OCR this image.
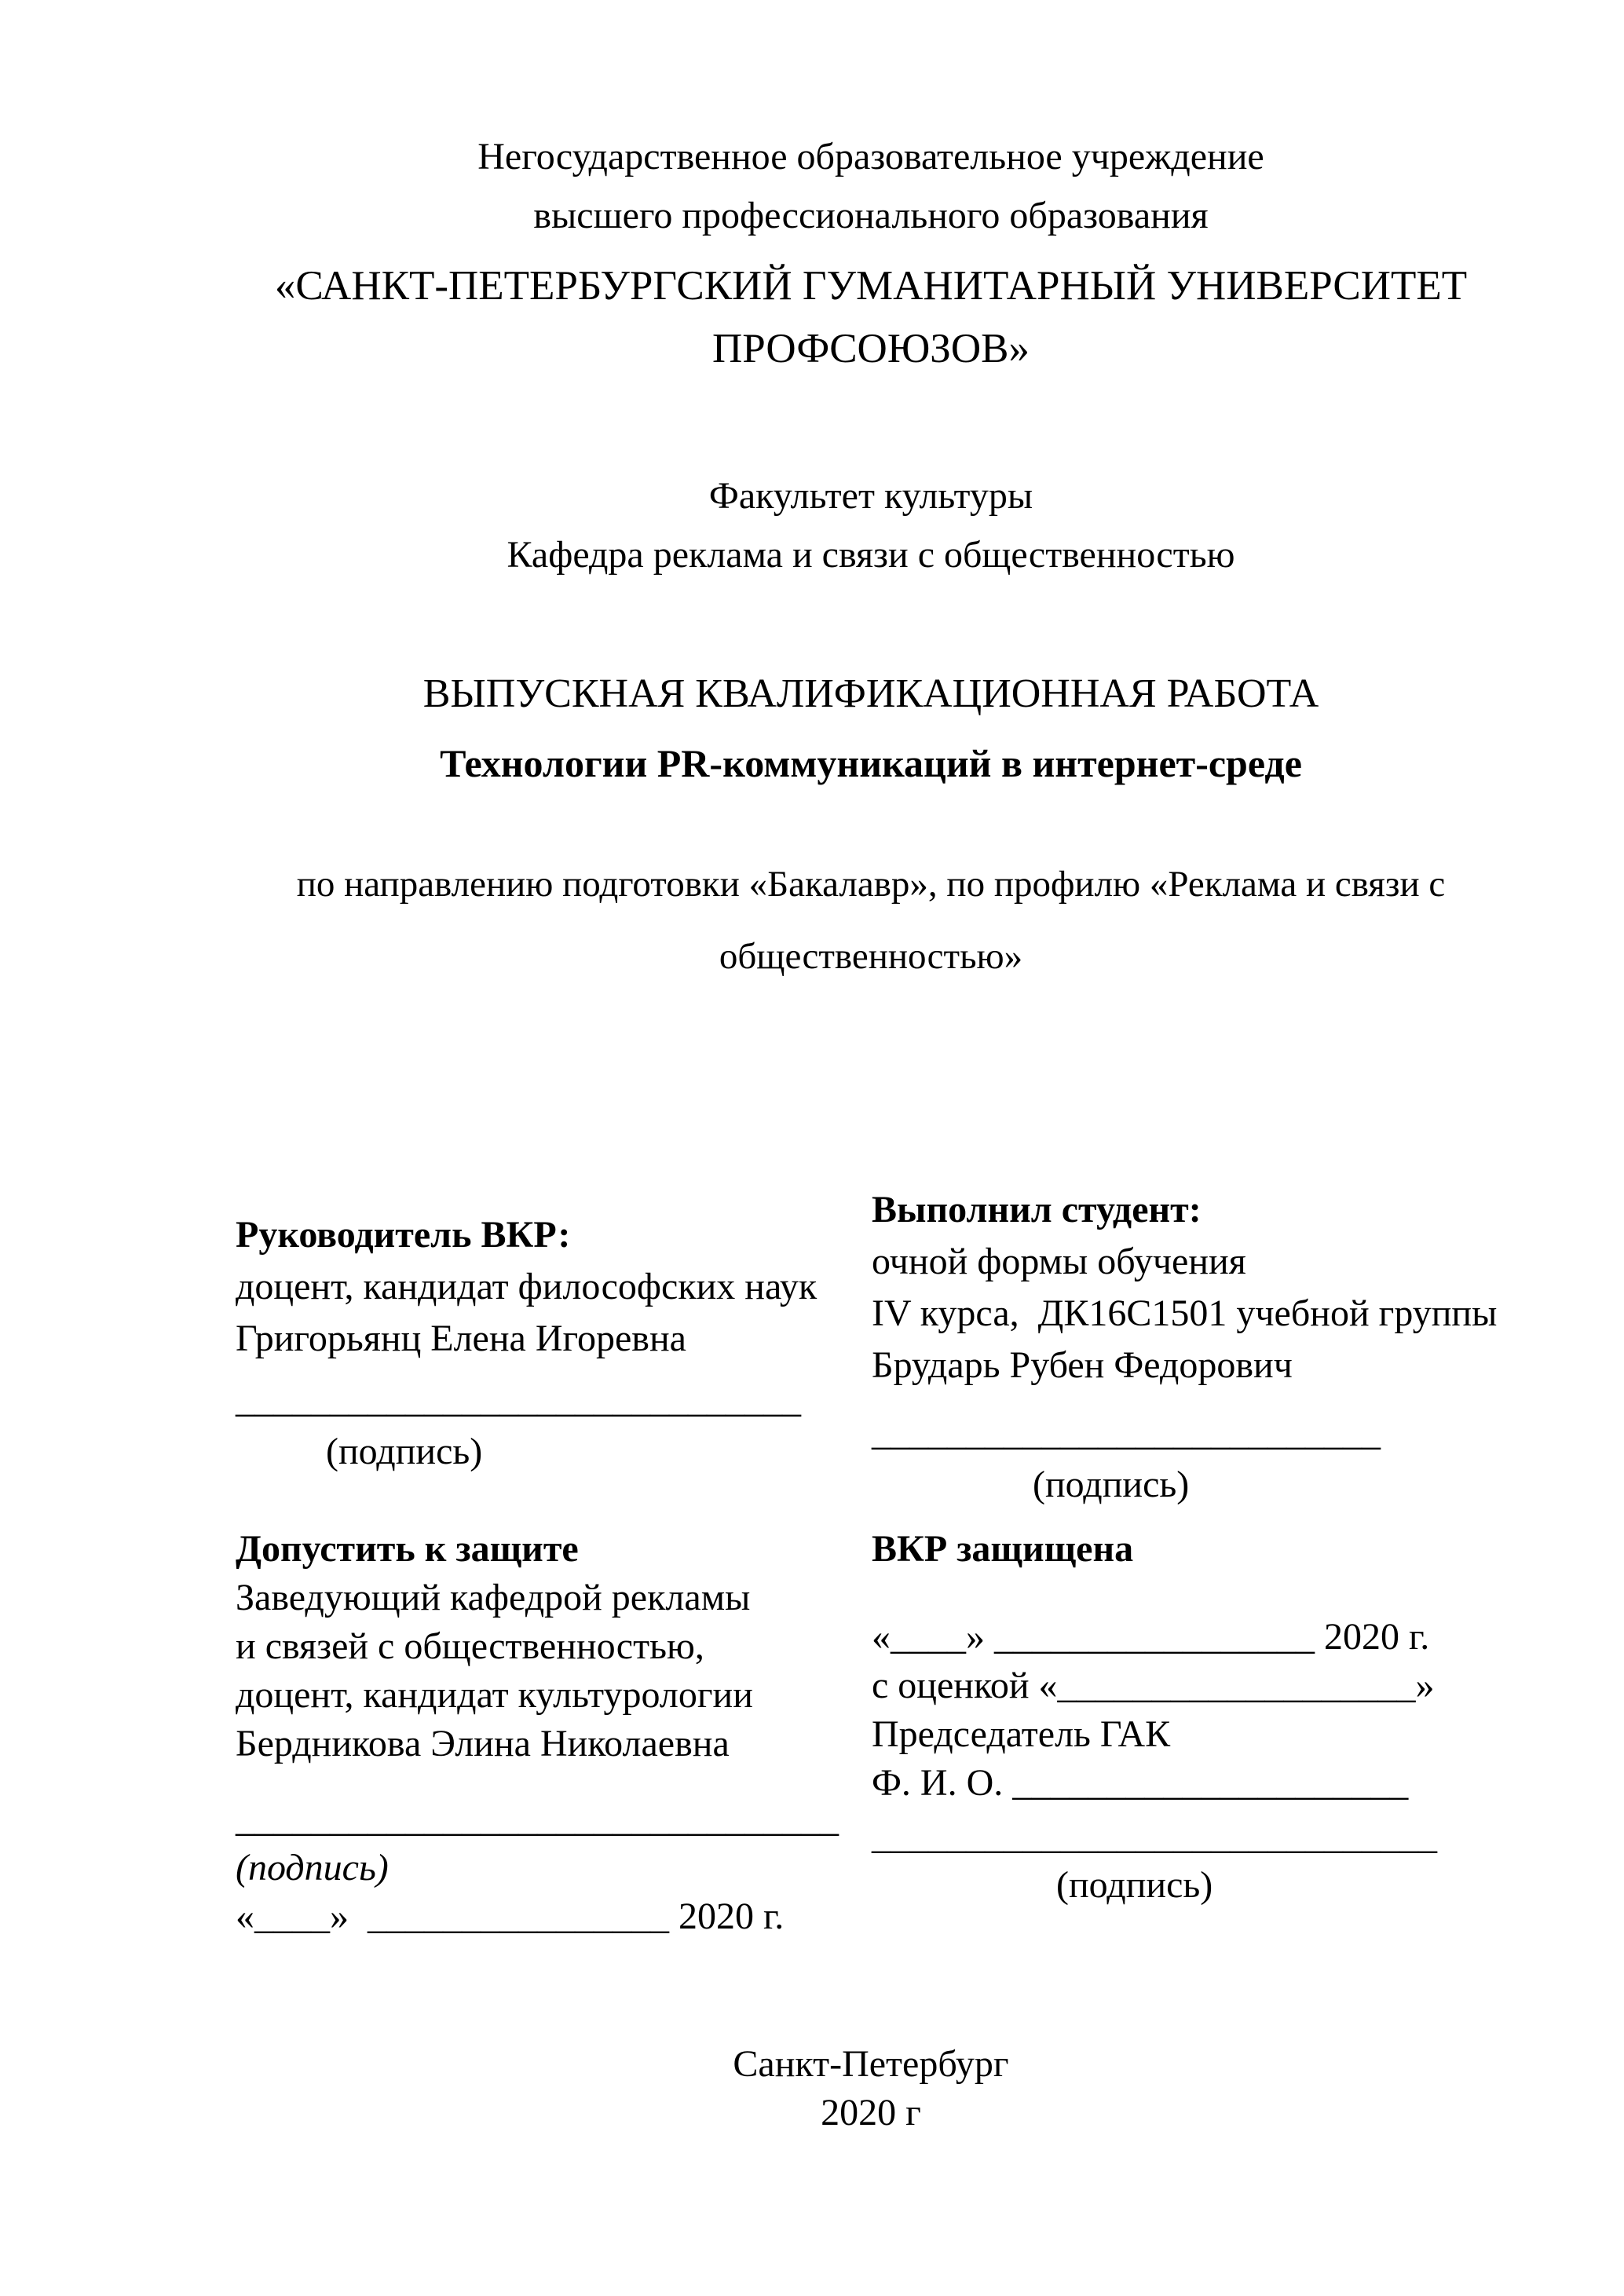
Негосударственное образовательное учреждение
высшего профессионального образования
«САНКТ-ПЕТЕРБУРГСКИЙ ГУМАНИТАРНЫЙ УНИВЕРСИТЕТ
ПРОФСОЮЗОВ»
Факультет культуры
Кафедра реклама и связи с общественностью
ВЫПУСКНАЯ КВАЛИФИКАЦИОННАЯ РАБОТА
Технологии PR-коммуникаций в интернет-среде
по направлению подготовки «Бакалавр», по профилю «Реклама и связи с
общественностью»
Руководитель ВКР:
доцент, кандидат философских наук
Григорьянц Елена Игоревна
______________________________
(подпись)
Выполнил студент:
очной формы обучения
IV курса,  ДК16С1501 учебной группы
Брударь Рубен Федорович
___________________________
(подпись)
Допустить к защите
Заведующий кафедрой рекламы
и связей с общественностью,
доцент, кандидат культурологии
Бердникова Элина Николаевна
________________________________
(подпись)
«____»  ________________ 2020 г.
ВКР защищена
«____» _________________ 2020 г.
с оценкой «___________________»
Председатель ГАК
Ф. И. О. _____________________
______________________________
(подпись)
Санкт-Петербург
2020 г
